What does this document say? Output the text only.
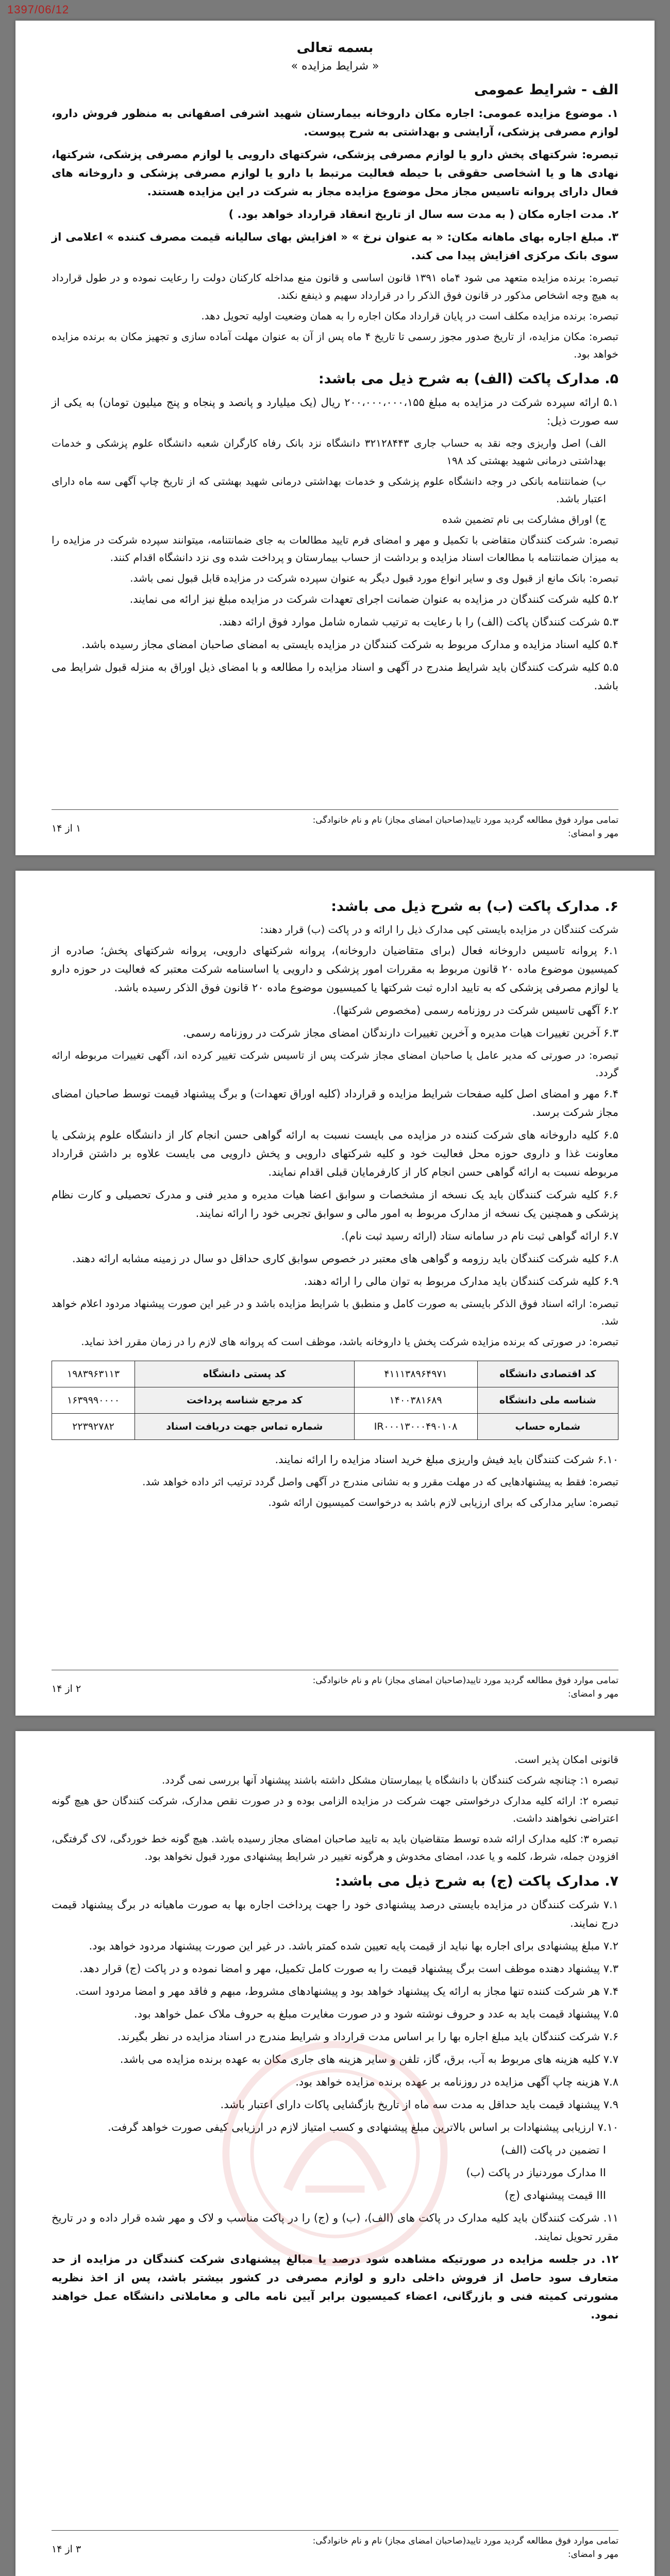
1397/06/12
بسمه تعالی
« شرایط مزایده »
الف - شرایط عمومی
۱. موضوع مزایده عمومی: اجاره مکان داروخانه بیمارستان شهید اشرفی اصفهانی به منظور فروش دارو، لوازم مصرفی پزشکی، آرایشی و بهداشتی به شرح پیوست.
تبصره: شرکتهای پخش دارو یا لوازم مصرفی پزشکی، شرکتهای دارویی یا لوازم مصرفی پزشکی، شرکتها، نهادی ها و یا اشخاصی حقوقی با حیطه فعالیت مرتبط با دارو یا لوازم مصرفی پزشکی و داروخانه های فعال دارای پروانه تاسیس مجاز محل موضوع مزایده مجاز به شرکت در این مزایده هستند.
۲. مدت اجاره مکان ( به مدت سه سال از تاریخ انعقاد قرارداد خواهد بود. )
۳. مبلغ اجاره بهای ماهانه مکان: « به عنوان نرخ » « افزایش بهای سالیانه قیمت مصرف کننده » اعلامی از سوی بانک مرکزی افزایش پیدا می کند.
تبصره: برنده مزایده متعهد می شود ۴ماه ۱۳۹۱ قانون اساسی و قانون منع مداخله کارکنان دولت را رعایت نموده و در طول قرارداد به هیچ وجه اشخاص مذکور در قانون فوق الذکر را در قرارداد سهیم و ذینفع نکند.
تبصره: برنده مزایده مکلف است در پایان قرارداد مکان اجاره را به همان وضعیت اولیه تحویل دهد.
تبصره: مکان مزایده، از تاریخ صدور مجوز رسمی تا تاریخ ۴ ماه پس از آن به عنوان مهلت آماده سازی و تجهیز مکان به برنده مزایده خواهد بود.
۵. مدارک پاکت (الف) به شرح ذیل می باشد:
۵.۱ ارائه سپرده شرکت در مزایده به مبلغ ۲۰۰،۰۰۰،۰۰۰،۱۵۵ ریال (یک میلیارد و پانصد و پنجاه و پنج میلیون تومان) به یکی از سه صورت ذیل:
الف) اصل واریزی وجه نقد به حساب جاری ۳۲۱۲۸۴۴۳ دانشگاه نزد بانک رفاه کارگران شعبه دانشگاه علوم پزشکی و خدمات بهداشتی درمانی شهید بهشتی کد ۱۹۸
ب) ضمانتنامه بانکی در وجه دانشگاه علوم پزشکی و خدمات بهداشتی درمانی شهید بهشتی که از تاریخ چاپ آگهی سه ماه دارای اعتبار باشد.
ج) اوراق مشارکت بی نام تضمین شده
تبصره: شرکت کنندگان متقاضی با تکمیل و مهر و امضای فرم تایید مطالعات به جای ضمانتنامه، میتوانند سپرده شرکت در مزایده را به میزان ضمانتنامه با مطالعات اسناد مزایده و برداشت از حساب بیمارستان و پرداخت شده وی نزد دانشگاه اقدام کنند.
تبصره: بانک مانع از قبول وی و سایر انواع مورد قبول دیگر به عنوان سپرده شرکت در مزایده قابل قبول نمی باشد.
۵.۲ کلیه شرکت کنندگان در مزایده به عنوان ضمانت اجرای تعهدات شرکت در مزایده مبلغ نیز ارائه می نمایند.
۵.۳ شرکت کنندگان پاکت (الف) را با رعایت به ترتیب شماره شامل موارد فوق ارائه دهند.
۵.۴ کلیه اسناد مزایده و مدارک مربوط به شرکت کنندگان در مزایده بایستی به امضای صاحبان امضای مجاز رسیده باشد.
۵.۵ کلیه شرکت کنندگان باید شرایط مندرج در آگهی و اسناد مزایده را مطالعه و با امضای ذیل اوراق به منزله قبول شرایط می باشد.
تمامی موارد فوق مطالعه گردید مورد تایید(صاحبان امضای مجاز) نام و نام خانوادگی:
مهر و امضای:
۱ از ۱۴
۶. مدارک پاکت (ب) به شرح ذیل می باشد:
شرکت کنندگان در مزایده بایستی کپی مدارک ذیل را ارائه و در پاکت (ب) قرار دهند:
۶.۱ پروانه تاسیس داروخانه فعال (برای متقاضیان داروخانه)، پروانه شرکتهای دارویی، پروانه شرکتهای پخش؛ صادره از کمیسیون موضوع ماده ۲۰ قانون مربوط به مقررات امور پزشکی و دارویی یا اساسنامه شرکت معتبر که فعالیت در حوزه دارو یا لوازم مصرفی پزشکی که به تایید اداره ثبت شرکتها یا کمیسیون موضوع ماده ۲۰ قانون فوق الذکر رسیده باشد.
۶.۲ آگهی تاسیس شرکت در روزنامه رسمی (مخصوص شرکتها).
۶.۳ آخرین تغییرات هیات مدیره و آخرین تغییرات دارندگان امضای مجاز شرکت در روزنامه رسمی.
تبصره: در صورتی که مدیر عامل یا صاحبان امضای مجاز شرکت پس از تاسیس شرکت تغییر کرده اند، آگهی تغییرات مربوطه ارائه گردد.
۶.۴ مهر و امضای اصل کلیه صفحات شرایط مزایده و قرارداد (کلیه اوراق تعهدات) و برگ پیشنهاد قیمت توسط صاحبان امضای مجاز شرکت برسد.
۶.۵ کلیه داروخانه های شرکت کننده در مزایده می بایست نسبت به ارائه گواهی حسن انجام کار از دانشگاه علوم پزشکی یا معاونت غذا و داروی حوزه محل فعالیت خود و کلیه شرکتهای دارویی و پخش دارویی می بایست علاوه بر داشتن قرارداد مربوطه نسبت به ارائه گواهی حسن انجام کار از کارفرمایان قبلی اقدام نمایند.
۶.۶ کلیه شرکت کنندگان باید یک نسخه از مشخصات و سوابق اعضا هیات مدیره و مدیر فنی و مدرک تحصیلی و کارت نظام پزشکی و همچنین یک نسخه از مدارک مربوط به امور مالی و سوابق تجربی خود را ارائه نمایند.
۶.۷ ارائه گواهی ثبت نام در سامانه ستاد (ارائه رسید ثبت نام).
۶.۸ کلیه شرکت کنندگان باید رزومه و گواهی های معتبر در خصوص سوابق کاری حداقل دو سال در زمینه مشابه ارائه دهند.
۶.۹ کلیه شرکت کنندگان باید مدارک مربوط به توان مالی را ارائه دهند.
تبصره: ارائه اسناد فوق الذکر بایستی به صورت کامل و منطبق با شرایط مزایده باشد و در غیر این صورت پیشنهاد مردود اعلام خواهد شد.
تبصره: در صورتی که برنده مزایده شرکت پخش یا داروخانه باشد، موظف است که پروانه های لازم را در زمان مقرر اخذ نماید.
کد اقتصادی دانشگاه	۴۱۱۱۳۸۹۶۴۹۷۱	کد پستی دانشگاه	۱۹۸۳۹۶۳۱۱۳
شناسه ملی دانشگاه	۱۴۰۰۳۸۱۶۸۹	کد مرجع شناسه پرداخت	۱۶۳۹۹۹۰۰۰۰
شماره حساب	IR۰۰۰۱۳۰۰۰۴۹۰۱۰۸	شماره تماس جهت دریافت اسناد	۲۲۳۹۲۷۸۲
۶.۱۰ شرکت کنندگان باید فیش واریزی مبلغ خرید اسناد مزایده را ارائه نمایند.
تبصره: فقط به پیشنهادهایی که در مهلت مقرر و به نشانی مندرج در آگهی واصل گردد ترتیب اثر داده خواهد شد.
تبصره: سایر مدارکی که برای ارزیابی لازم باشد به درخواست کمیسیون ارائه شود.
تمامی موارد فوق مطالعه گردید مورد تایید(صاحبان امضای مجاز) نام و نام خانوادگی:
مهر و امضای:
۲ از ۱۴
قانونی امکان پذیر است.
تبصره ۱: چنانچه شرکت کنندگان با دانشگاه یا بیمارستان مشکل داشته باشند پیشنهاد آنها بررسی نمی گردد.
تبصره ۲: ارائه کلیه مدارک درخواستی جهت شرکت در مزایده الزامی بوده و در صورت نقص مدارک، شرکت کنندگان حق هیچ گونه اعتراضی نخواهند داشت.
تبصره ۳: کلیه مدارک ارائه شده توسط متقاضیان باید به تایید صاحبان امضای مجاز رسیده باشد. هیچ گونه خط خوردگی، لاک گرفتگی، افزودن جمله، شرط، کلمه و یا عدد، امضای مخدوش و هرگونه تغییر در شرایط پیشنهادی مورد قبول نخواهد بود.
۷. مدارک پاکت (ج) به شرح ذیل می باشد:
۷.۱ شرکت کنندگان در مزایده بایستی درصد پیشنهادی خود را جهت پرداخت اجاره بها به صورت ماهیانه در برگ پیشنهاد قیمت درج نمایند.
۷.۲ مبلغ پیشنهادی برای اجاره بها نباید از قیمت پایه تعیین شده کمتر باشد. در غیر این صورت پیشنهاد مردود خواهد بود.
۷.۳ پیشنهاد دهنده موظف است برگ پیشنهاد قیمت را به صورت کامل تکمیل، مهر و امضا نموده و در پاکت (ج) قرار دهد.
۷.۴ هر شرکت کننده تنها مجاز به ارائه یک پیشنهاد خواهد بود و پیشنهادهای مشروط، مبهم و فاقد مهر و امضا مردود است.
۷.۵ پیشنهاد قیمت باید به عدد و حروف نوشته شود و در صورت مغایرت مبلغ به حروف ملاک عمل خواهد بود.
۷.۶ شرکت کنندگان باید مبلغ اجاره بها را بر اساس مدت قرارداد و شرایط مندرج در اسناد مزایده در نظر بگیرند.
۷.۷ کلیه هزینه های مربوط به آب، برق، گاز، تلفن و سایر هزینه های جاری مکان به عهده برنده مزایده می باشد.
۷.۸ هزینه چاپ آگهی مزایده در روزنامه بر عهده برنده مزایده خواهد بود.
۷.۹ پیشنهاد قیمت باید حداقل به مدت سه ماه از تاریخ بازگشایی پاکات دارای اعتبار باشد.
۷.۱۰ ارزیابی پیشنهادات بر اساس بالاترین مبلغ پیشنهادی و کسب امتیاز لازم در ارزیابی کیفی صورت خواهد گرفت.
I تضمین در پاکت (الف)
II مدارک موردنیاز در پاکت (ب)
III قیمت پیشنهادی (ج)
۱۱. شرکت کنندگان باید کلیه مدارک در پاکت های (الف)، (ب) و (ج) را در پاکت مناسب و لاک و مهر شده قرار داده و در تاریخ مقرر تحویل نمایند.
۱۲. در جلسه مزایده در صورتیکه مشاهده شود درصد یا مبالغ پیشنهادی شرکت کنندگان در مزایده از حد متعارف سود حاصل از فروش داخلی دارو و لوازم مصرفی در کشور بیشتر باشد، پس از اخذ نظریه مشورتی کمیته فنی و بازرگانی، اعضاء کمیسیون برابر آیین نامه مالی و معاملاتی دانشگاه عمل خواهند نمود.
تمامی موارد فوق مطالعه گردید مورد تایید(صاحبان امضای مجاز) نام و نام خانوادگی:
مهر و امضای:
۳ از ۱۴
